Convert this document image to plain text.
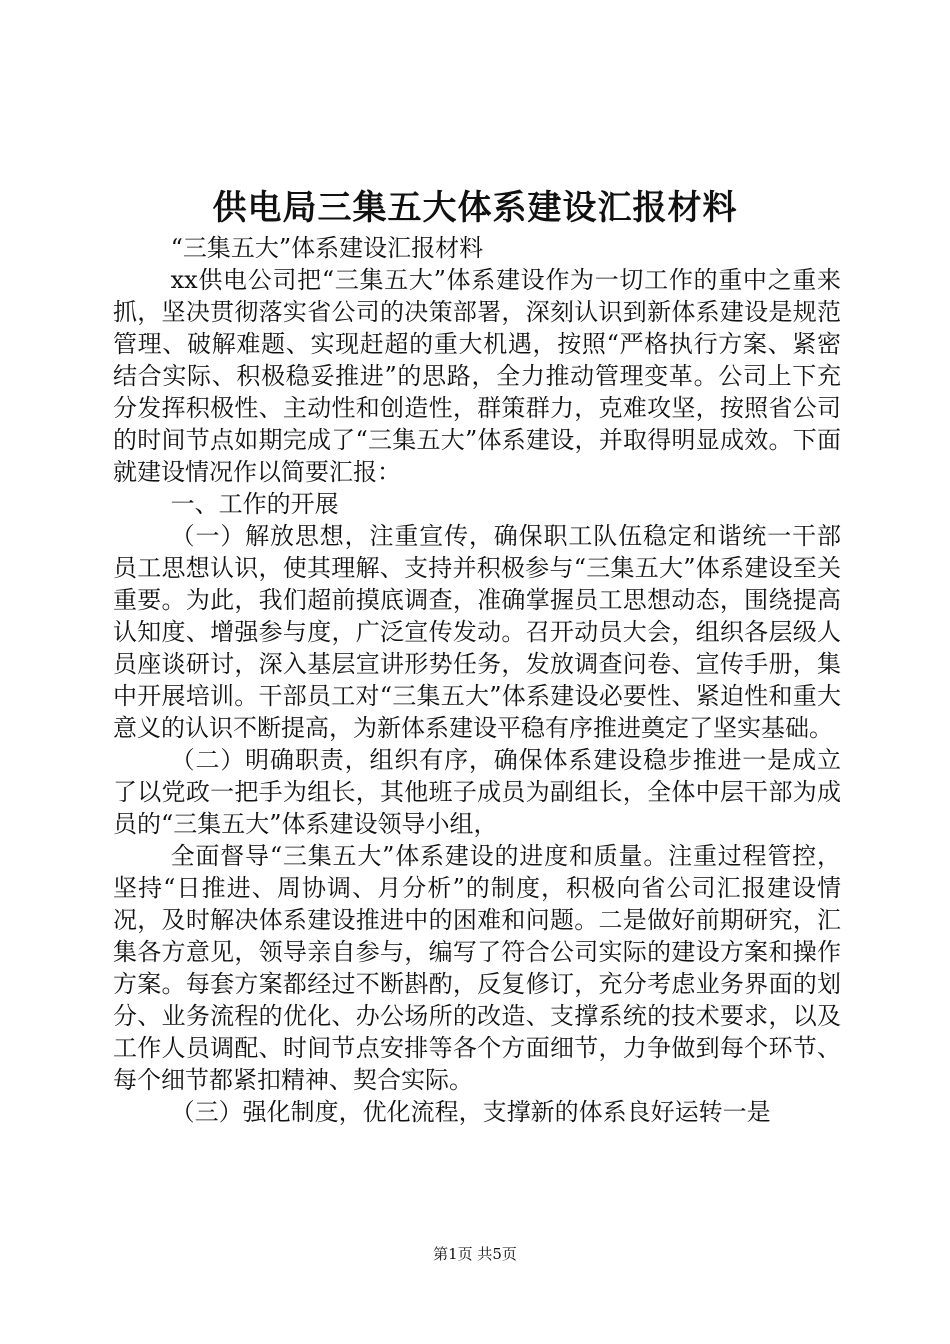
供电局三集五大体系建设汇报材料

“三集五大”体系建设汇报材料

xx供电公司把“三集五大”体系建设作为一切工作的重中之重来抓，坚决贯彻落实省公司的决策部署，深刻认识到新体系建设是规范管理、破解难题、实现赶超的重大机遇，按照“严格执行方案、紧密结合实际、积极稳妥推进”的思路，全力推动管理变革。公司上下充分发挥积极性、主动性和创造性，群策群力，克难攻坚，按照省公司的时间节点如期完成了“三集五大”体系建设，并取得明显成效。下面就建设情况作以简要汇报：

一、工作的开展

（一）解放思想，注重宣传，确保职工队伍稳定和谐统一干部员工思想认识，使其理解、支持并积极参与“三集五大”体系建设至关重要。为此，我们超前摸底调查，准确掌握员工思想动态，围绕提高认知度、增强参与度，广泛宣传发动。召开动员大会，组织各层级人员座谈研讨，深入基层宣讲形势任务，发放调查问卷、宣传手册，集中开展培训。干部员工对“三集五大”体系建设必要性、紧迫性和重大意义的认识不断提高，为新体系建设平稳有序推进奠定了坚实基础。

（二）明确职责，组织有序，确保体系建设稳步推进一是成立了以党政一把手为组长，其他班子成员为副组长，全体中层干部为成员的“三集五大”体系建设领导小组，

全面督导“三集五大”体系建设的进度和质量。注重过程管控，坚持“日推进、周协调、月分析”的制度，积极向省公司汇报建设情况，及时解决体系建设推进中的困难和问题。二是做好前期研究，汇集各方意见，领导亲自参与，编写了符合公司实际的建设方案和操作方案。每套方案都经过不断斟酌，反复修订，充分考虑业务界面的划分、业务流程的优化、办公场所的改造、支撑系统的技术要求，以及工作人员调配、时间节点安排等各个方面细节，力争做到每个环节、每个细节都紧扣精神、契合实际。

（三）强化制度，优化流程，支撑新的体系良好运转一是

第1页 共5页
